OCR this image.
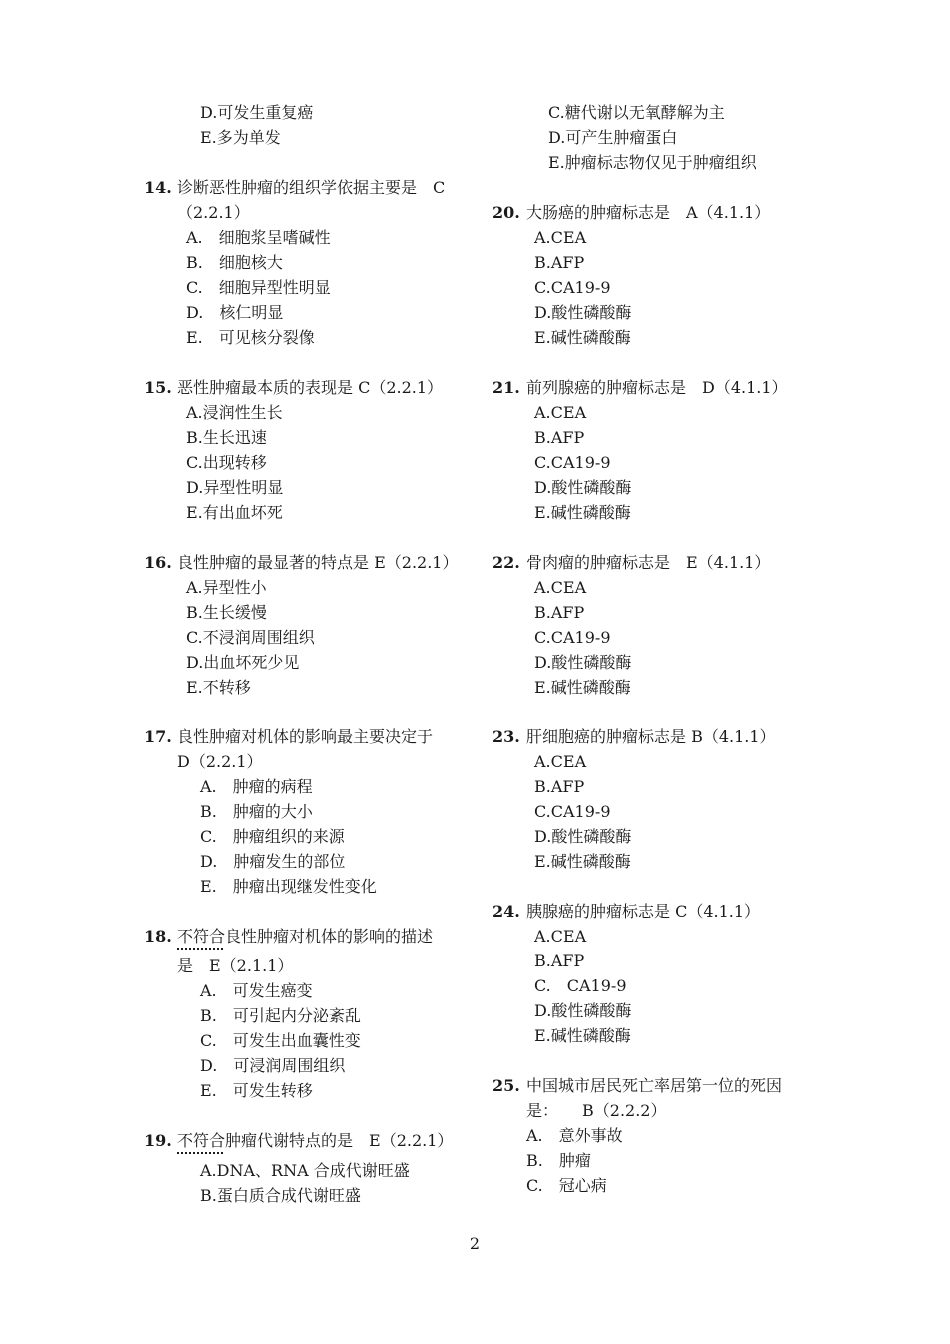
D.可发生重复癌
E.多为单发
14. 诊断恶性肿瘤的组织学依据主要是　C
（2.2.1）
A.　细胞浆呈嗜碱性
B.　细胞核大
C.　细胞异型性明显
D.　核仁明显
E.　可见核分裂像
15. 恶性肿瘤最本质的表现是 C（2.2.1）
A.浸润性生长
B.生长迅速
C.出现转移
D.异型性明显
E.有出血坏死
16. 良性肿瘤的最显著的特点是 E（2.2.1）
A.异型性小
B.生长缓慢
C.不浸润周围组织
D.出血坏死少见
E.不转移
17. 良性肿瘤对机体的影响最主要决定于
D（2.2.1）
A.　肿瘤的病程
B.　肿瘤的大小
C.　肿瘤组织的来源
D.　肿瘤发生的部位
E.　肿瘤出现继发性变化
18. 不符合良性肿瘤对机体的影响的描述
是　E（2.1.1）
A.　可发生癌变
B.　可引起内分泌紊乱
C.　可发生出血囊性变
D.　可浸润周围组织
E.　可发生转移
19. 不符合肿瘤代谢特点的是　E（2.2.1）
A.DNA、RNA 合成代谢旺盛
B.蛋白质合成代谢旺盛
C.糖代谢以无氧酵解为主
D.可产生肿瘤蛋白
E.肿瘤标志物仅见于肿瘤组织
20. 大肠癌的肿瘤标志是　A（4.1.1）
A.CEA
B.AFP
C.CA19-9
D.酸性磷酸酶
E.碱性磷酸酶
21. 前列腺癌的肿瘤标志是　D（4.1.1）
A.CEA
B.AFP
C.CA19-9
D.酸性磷酸酶
E.碱性磷酸酶
22. 骨肉瘤的肿瘤标志是　E（4.1.1）
A.CEA
B.AFP
C.CA19-9
D.酸性磷酸酶
E.碱性磷酸酶
23. 肝细胞癌的肿瘤标志是 B（4.1.1）
A.CEA
B.AFP
C.CA19-9
D.酸性磷酸酶
E.碱性磷酸酶
24. 胰腺癌的肿瘤标志是 C（4.1.1）
A.CEA
B.AFP
C.　CA19-9
D.酸性磷酸酶
E.碱性磷酸酶
25. 中国城市居民死亡率居第一位的死因
是：　　B（2.2.2）
A.　意外事故
B.　肿瘤
C.　冠心病
2
